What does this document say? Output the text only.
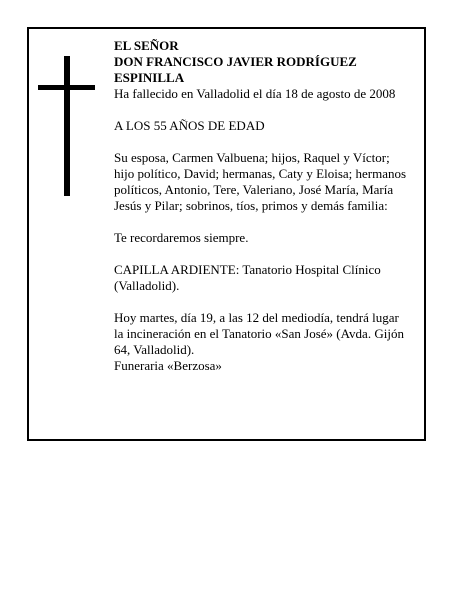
EL SEÑOR

DON FRANCISCO JAVIER RODRÍGUEZ

ESPINILLA

Ha fallecido en Valladolid el día 18 de agosto de 2008

A LOS 55 AÑOS DE EDAD

Su esposa, Carmen Valbuena; hijos, Raquel y Víctor;

hijo político, David; hermanas, Caty y Eloisa; hermanos

políticos, Antonio, Tere, Valeriano, José María, María

Jesús y Pilar; sobrinos, tíos, primos y demás familia:

Te recordaremos siempre.

CAPILLA ARDIENTE: Tanatorio Hospital Clínico

(Valladolid).

Hoy martes, día 19, a las 12 del mediodía, tendrá lugar

la incineración en el Tanatorio «San José» (Avda. Gijón

64, Valladolid).

Funeraria «Berzosa»
